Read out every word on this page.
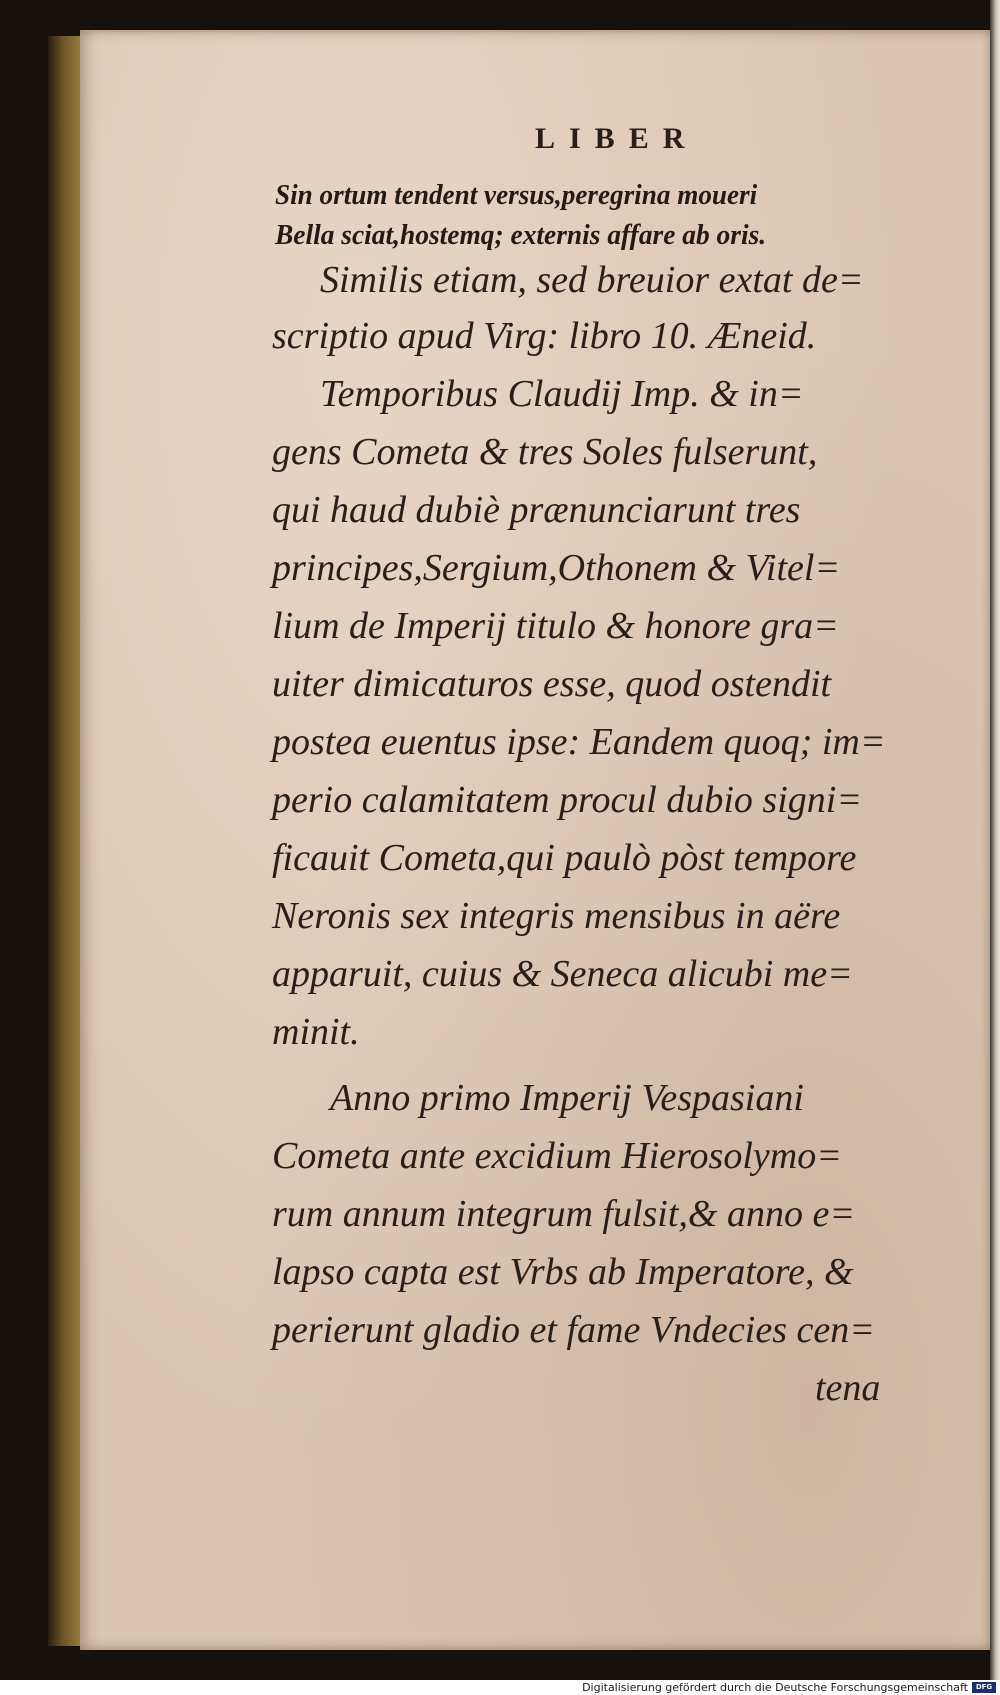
LIBER
Sin ortum tendent versus,peregrina moueri
Bella sciat,hostemq; externis affare ab oris.
Similis etiam, sed breuior extat de=
scriptio apud Virg: libro 10. Æneid.
Temporibus Claudij Imp. & in=
gens Cometa & tres Soles fulserunt,
qui haud dubiè prænunciarunt tres
principes,Sergium,Othonem & Vitel=
lium de Imperij titulo & honore gra=
uiter dimicaturos esse, quod ostendit
postea euentus ipse: Eandem quoq; im=
perio calamitatem procul dubio signi=
ficauit Cometa,qui paulò pòst tempore
Neronis sex integris mensibus in aëre
apparuit, cuius & Seneca alicubi me=
minit.
Anno primo Imperij Vespasiani
Cometa ante excidium Hierosolymo=
rum annum integrum fulsit,& anno e=
lapso capta est Vrbs ab Imperatore, &
perierunt gladio et fame Vndecies cen=
tena
Digitalisierung gefördert durch die Deutsche Forschungsgemeinschaft	DFG
